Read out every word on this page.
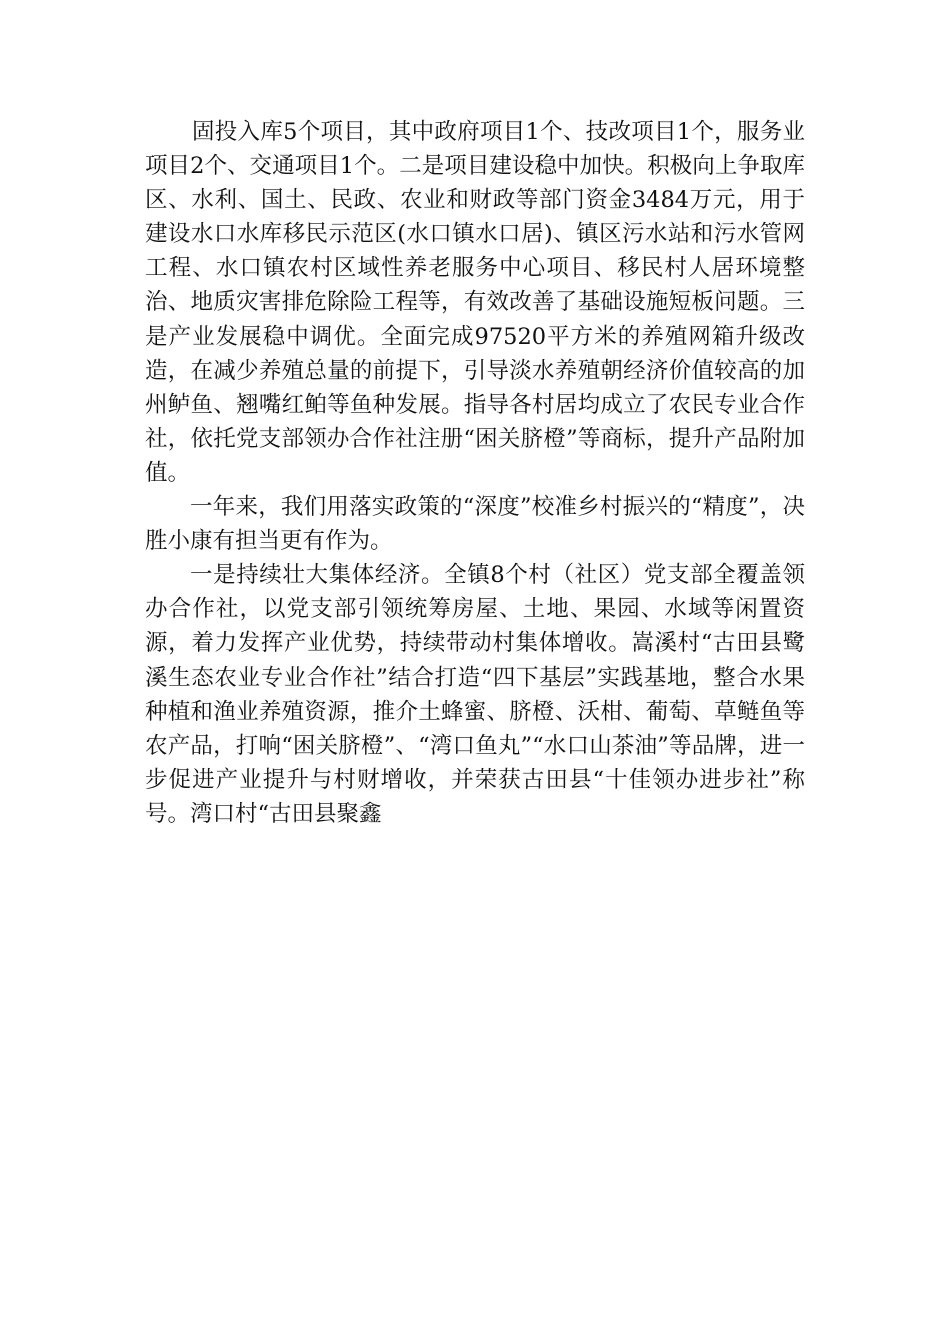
固投入库5个项目，其中政府项目1个、技改项目1个，服务业项目2个、交通项目1个。二是项目建设稳中加快。积极向上争取库区、水利、国土、民政、农业和财政等部门资金3484万元，用于建设水口水库移民示范区(水口镇水口居)、镇区污水站和污水管网工程、水口镇农村区域性养老服务中心项目、移民村人居环境整治、地质灾害排危除险工程等，有效改善了基础设施短板问题。三是产业发展稳中调优。全面完成97520平方米的养殖网箱升级改造，在减少养殖总量的前提下，引导淡水养殖朝经济价值较高的加州鲈鱼、翘嘴红鲌等鱼种发展。指导各村居均成立了农民专业合作社，依托党支部领办合作社注册“困关脐橙”等商标，提升产品附加值。

一年来，我们用落实政策的“深度”校准乡村振兴的“精度”，决胜小康有担当更有作为。

一是持续壮大集体经济。全镇8个村（社区）党支部全覆盖领办合作社，以党支部引领统筹房屋、土地、果园、水域等闲置资源，着力发挥产业优势，持续带动村集体增收。嵩溪村“古田县鹭溪生态农业专业合作社”结合打造“四下基层”实践基地，整合水果种植和渔业养殖资源，推介土蜂蜜、脐橙、沃柑、葡萄、草鲢鱼等农产品，打响“困关脐橙”、“湾口鱼丸”“水口山茶油”等品牌，进一步促进产业提升与村财增收，并荣获古田县“十佳领办进步社”称号。湾口村“古田县聚鑫
